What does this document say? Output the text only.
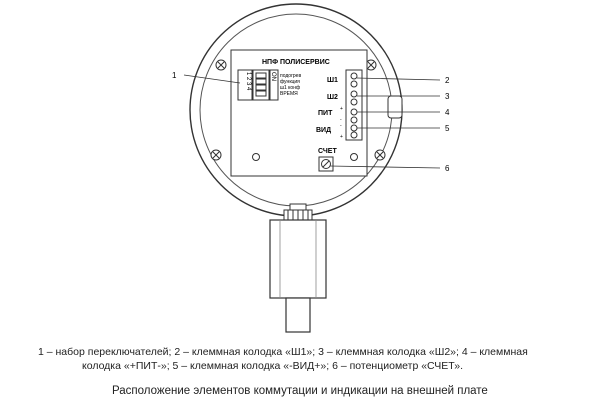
НПФ ПОЛИСЕРВИС
1 2 3 4	ON подогрев
функция
ш1 конф
ВРЕМЯ
Ш1
Ш2
ПИТ
+
-
ВИД
-
+
СЧЕТ
1
2
3
4
5
6
1 – набор переключателей; 2 – клеммная колодка «Ш1»; 3 – клеммная колодка «Ш2»; 4 – клеммная
колодка «+ПИТ-»; 5 – клеммная колодка «-ВИД+»; 6 – потенциометр «СЧЕТ».
Расположение элементов коммутации и индикации на внешней плате
